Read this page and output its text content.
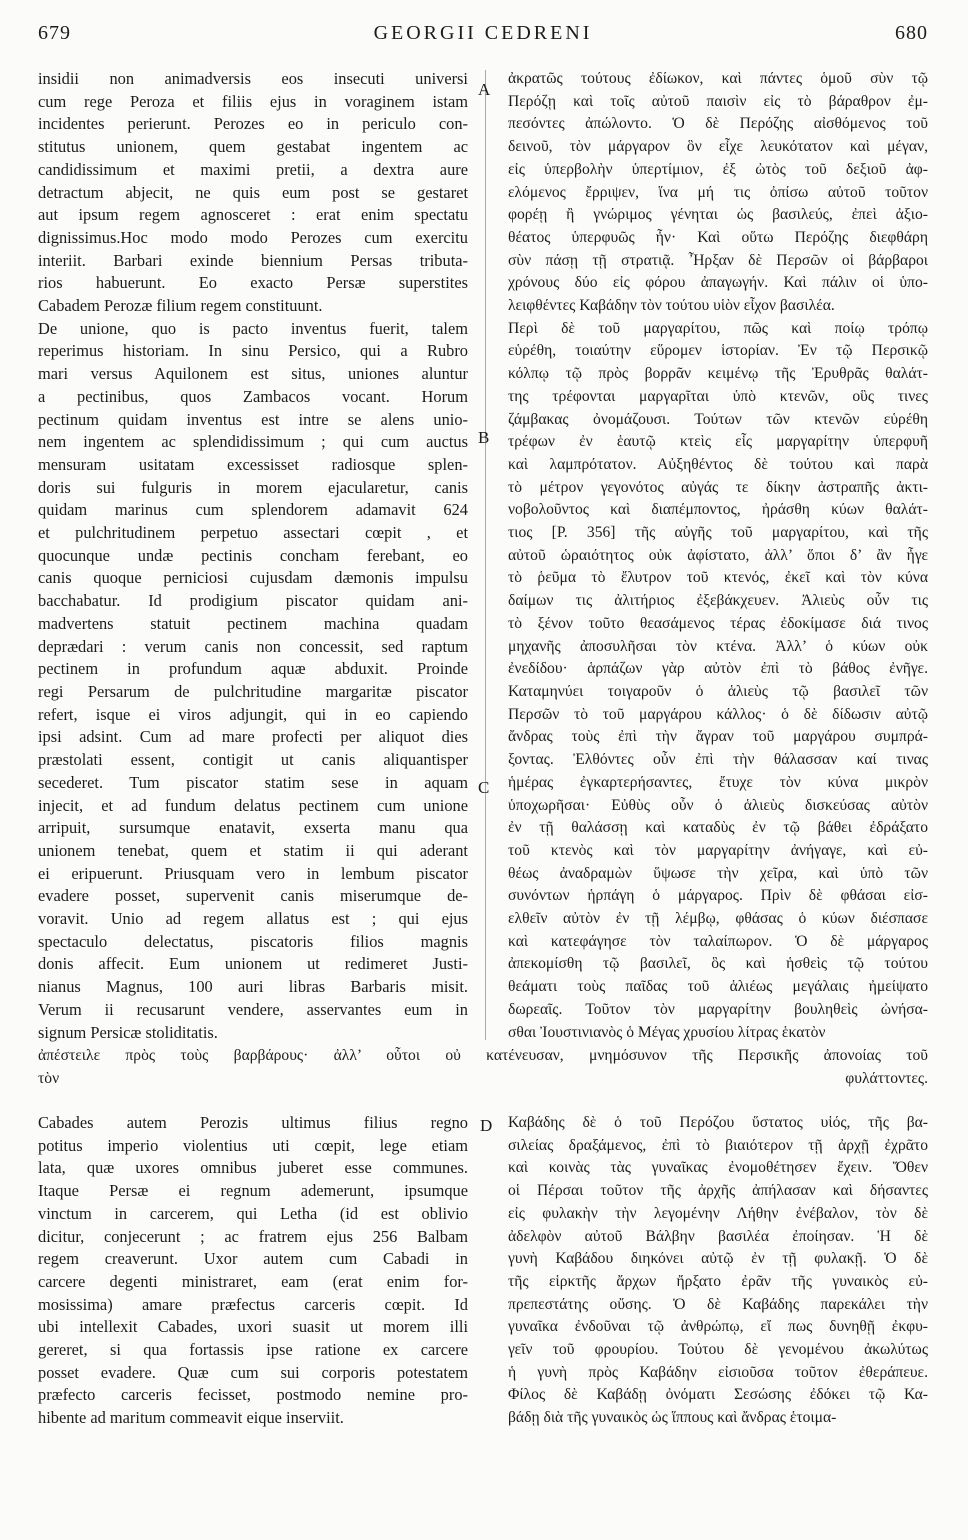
679	GEORGII CEDRENI	680
A
B
C
D
insidii non animadversis eos insecuti universi
cum rege Peroza et filiis ejus in voraginem istam
incidentes perierunt. Perozes eo in periculo con-
stitutus unionem, quem gestabat ingentem ac
candidissimum et maximi pretii, a dextra aure
detractum abjecit, ne quis eum post se gestaret
aut ipsum regem agnosceret : erat enim spectatu
dignissimus.Hoc modo modo Perozes cum exercitu
interiit. Barbari exinde biennium Persas tributa-
rios habuerunt. Eo exacto Persæ superstites
Cabadem Perozæ filium regem constituunt.
De unione, quo is pacto inventus fuerit, talem
reperimus historiam. In sinu Persico, qui a Rubro
mari versus Aquilonem est situs, uniones aluntur
a pectinibus, quos Zambacos vocant. Horum
pectinum quidam inventus est intre se alens unio-
nem ingentem ac splendidissimum ; qui cum auctus
mensuram usitatam excessisset radiosque splen-
doris sui fulguris in morem ejacularetur, canis
quidam marinus cum splendorem adamavit 624
et pulchritudinem perpetuo assectari cœpit , et
quocunque undæ pectinis concham ferebant, eo
canis quoque perniciosi cujusdam dæmonis impulsu
bacchabatur. Id prodigium piscator quidam ani-
madvertens statuit pectinem machina quadam
deprædari : verum canis non concessit, sed raptum
pectinem in profundum aquæ abduxit. Proinde
regi Persarum de pulchritudine margaritæ piscator
refert, isque ei viros adjungit, qui in eo capiendo
ipsi adsint. Cum ad mare profecti per aliquot dies
præstolati essent, contigit ut canis aliquantisper
secederet. Tum piscator statim sese in aquam
injecit, et ad fundum delatus pectinem cum unione
arripuit, sursumque enatavit, exserta manu qua
unionem tenebat, quem et statim ii qui aderant
ei eripuerunt. Priusquam vero in lembum piscator
evadere posset, supervenit canis miserumque de-
voravit. Unio ad regem allatus est ; qui ejus
spectaculo delectatus, piscatoris filios magnis
donis affecit. Eum unionem ut redimeret Justi-
nianus Magnus, 100 auri libras Barbaris misit.
Verum ii recusarunt vendere, asservantes eum in
signum Persicæ stoliditatis.
ἀκρατῶς τούτους ἐδίωκον, καὶ πάντες ὁμοῦ σὺν τῷ
Περόζῃ καὶ τοῖς αὐτοῦ παισὶν εἰς τὸ βάραθρον ἐμ-
πεσόντες ἀπώλοντο. Ὁ δὲ Περόζης αἰσθόμενος τοῦ
δεινοῦ, τὸν μάργαρον ὃν εἶχε λευκότατον καὶ μέγαν,
εἰς ὑπερβολὴν ὑπερτίμιον, ἐξ ὠτὸς τοῦ δεξιοῦ ἀφ-
ελόμενος ἔρριψεν, ἵνα μή τις ὀπίσω αὐτοῦ τοῦτον
φορέῃ ἢ γνώριμος γένηται ὡς βασιλεύς, ἐπεὶ ἀξιο-
θέατος ὑπερφυῶς ἦν· Καὶ οὕτω Περόζης διεφθάρη
σὺν πάσῃ τῇ στρατιᾷ. Ἦρξαν δὲ Περσῶν οἱ βάρβαροι
χρόνους δύο εἰς φόρου ἀπαγωγήν. Καὶ πάλιν οἱ ὑπο-
λειφθέντες Καβάδην τὸν τούτου υἱὸν εἶχον βασιλέα.
Περὶ δὲ τοῦ μαργαρίτου, πῶς καὶ ποίῳ τρόπῳ
εὑρέθη, τοιαύτην εὕρομεν ἱστορίαν. Ἐν τῷ Περσικῷ
κόλπῳ τῷ πρὸς βορρᾶν κειμένῳ τῆς Ἐρυθρᾶς θαλάτ-
της τρέφονται μαργαρῖται ὑπὸ κτενῶν, οὓς τινες
ζάμβακας ὀνομάζουσι. Τούτων τῶν κτενῶν εὑρέθη
τρέφων ἐν ἑαυτῷ κτεὶς εἷς μαργαρίτην ὑπερφυῆ
καὶ λαμπρότατον. Αὐξηθέντος δὲ τούτου καὶ παρὰ
τὸ μέτρον γεγονότος αὐγάς τε δίκην ἀστραπῆς ἀκτι-
νοβολοῦντος καὶ διαπέμποντος, ἠράσθη κύων θαλάτ-
τιος [P. 356] τῆς αὐγῆς τοῦ μαργαρίτου, καὶ τῆς
αὐτοῦ ὡραιότητος οὐκ ἀφίστατο, ἀλλ’ ὅποι δ’ ἂν ἦγε
τὸ ῥεῦμα τὸ ἔλυτρον τοῦ κτενός, ἐκεῖ καὶ τὸν κύνα
δαίμων τις ἀλιτήριος ἐξεβάκχευεν. Ἀλιεὺς οὖν τις
τὸ ξένον τοῦτο θεασάμενος τέρας ἐδοκίμασε διά τινος
μηχανῆς ἀποσυλῆσαι τὸν κτένα. Ἀλλ’ ὁ κύων οὐκ
ἐνεδίδου· ἁρπάζων γὰρ αὐτὸν ἐπὶ τὸ βάθος ἐνῆγε.
Καταμηνύει τοιγαροῦν ὁ ἁλιεὺς τῷ βασιλεῖ τῶν
Περσῶν τὸ τοῦ μαργάρου κάλλος· ὁ δὲ δίδωσιν αὐτῷ
ἄνδρας τοὺς ἐπὶ τὴν ἄγραν τοῦ μαργάρου συμπρά-
ξοντας. Ἐλθόντες οὖν ἐπὶ τὴν θάλασσαν καί τινας
ἡμέρας ἐγκαρτερήσαντες, ἔτυχε τὸν κύνα μικρὸν
ὑποχωρῆσαι· Εὐθὺς οὖν ὁ ἁλιεὺς δισκεύσας αὐτὸν
ἐν τῇ θαλάσσῃ καὶ καταδὺς ἐν τῷ βάθει ἐδράξατο
τοῦ κτενὸς καὶ τὸν μαργαρίτην ἀνήγαγε, καὶ εὐ-
θέως ἀναδραμὼν ὕψωσε τὴν χεῖρα, καὶ ὑπὸ τῶν
συνόντων ἡρπάγη ὁ μάργαρος. Πρὶν δὲ φθάσαι εἰσ-
ελθεῖν αὐτὸν ἐν τῇ λέμβῳ, φθάσας ὁ κύων διέσπασε
καὶ κατεφάγησε τὸν ταλαίπωρον. Ὁ δὲ μάργαρος
ἀπεκομίσθη τῷ βασιλεῖ, ὃς καὶ ἡσθεὶς τῷ τούτου
θεάματι τοὺς παῖδας τοῦ ἁλιέως μεγάλαις ἠμείψατο
δωρεαῖς. Τοῦτον τὸν μαργαρίτην βουληθεὶς ὠνήσα-
σθαι Ἰουστινιανὸς ὁ Μέγας χρυσίου λίτρας ἑκατὸν
ἀπέστειλε πρὸς τοὺς βαρβάρους· ἀλλ’ οὗτοι οὐ κατένευσαν, μνημόσυνον τῆς Περσικῆς ἀπονοίας τοῦ
τὸν φυλάττοντες.
Cabades autem Perozis ultimus filius regno
potitus imperio violentius uti cœpit, lege etiam
lata, quæ uxores omnibus juberet esse communes.
Itaque Persæ ei regnum ademerunt, ipsumque
vinctum in carcerem, qui Letha (id est oblivio
dicitur, conjecerunt ; ac fratrem ejus 256 Balbam
regem creaverunt. Uxor autem cum Cabadi in
carcere degenti ministraret, eam (erat enim for-
mosissima) amare præfectus carceris cœpit. Id
ubi intellexit Cabades, uxori suasit ut morem illi
gereret, si qua fortassis ipse ratione ex carcere
posset evadere. Quæ cum sui corporis potestatem
præfecto carceris fecisset, postmodo nemine pro-
hibente ad maritum commeavit eique inserviit.
Καβάδης δὲ ὁ τοῦ Περόζου ὕστατος υἱός, τῆς βα-
σιλείας δραξάμενος, ἐπὶ τὸ βιαιότερον τῇ ἀρχῇ ἐχρᾶτο
καὶ κοινὰς τὰς γυναῖκας ἐνομοθέτησεν ἔχειν. Ὅθεν
οἱ Πέρσαι τοῦτον τῆς ἀρχῆς ἀπήλασαν καὶ δήσαντες
εἰς φυλακὴν τὴν λεγομένην Λήθην ἐνέβαλον, τὸν δὲ
ἀδελφὸν αὐτοῦ Βάλβην βασιλέα ἐποίησαν. Ἡ δὲ
γυνὴ Καβάδου διηκόνει αὐτῷ ἐν τῇ φυλακῇ. Ὁ δὲ
τῆς εἱρκτῆς ἄρχων ἤρξατο ἐρᾶν τῆς γυναικὸς εὐ-
πρεπεστάτης οὔσης. Ὁ δὲ Καβάδης παρεκάλει τὴν
γυναῖκα ἐνδοῦναι τῷ ἀνθρώπῳ, εἴ πως δυνηθῇ ἐκφυ-
γεῖν τοῦ φρουρίου. Τούτου δὲ γενομένου ἀκωλύτως
ἡ γυνὴ πρὸς Καβάδην εἰσιοῦσα τοῦτον ἐθεράπευε.
Φίλος δὲ Καβάδῃ ὀνόματι Σεσώσης ἐδόκει τῷ Κα-
βάδῃ διὰ τῆς γυναικὸς ὡς ἵππους καὶ ἄνδρας ἑτοιμα-
